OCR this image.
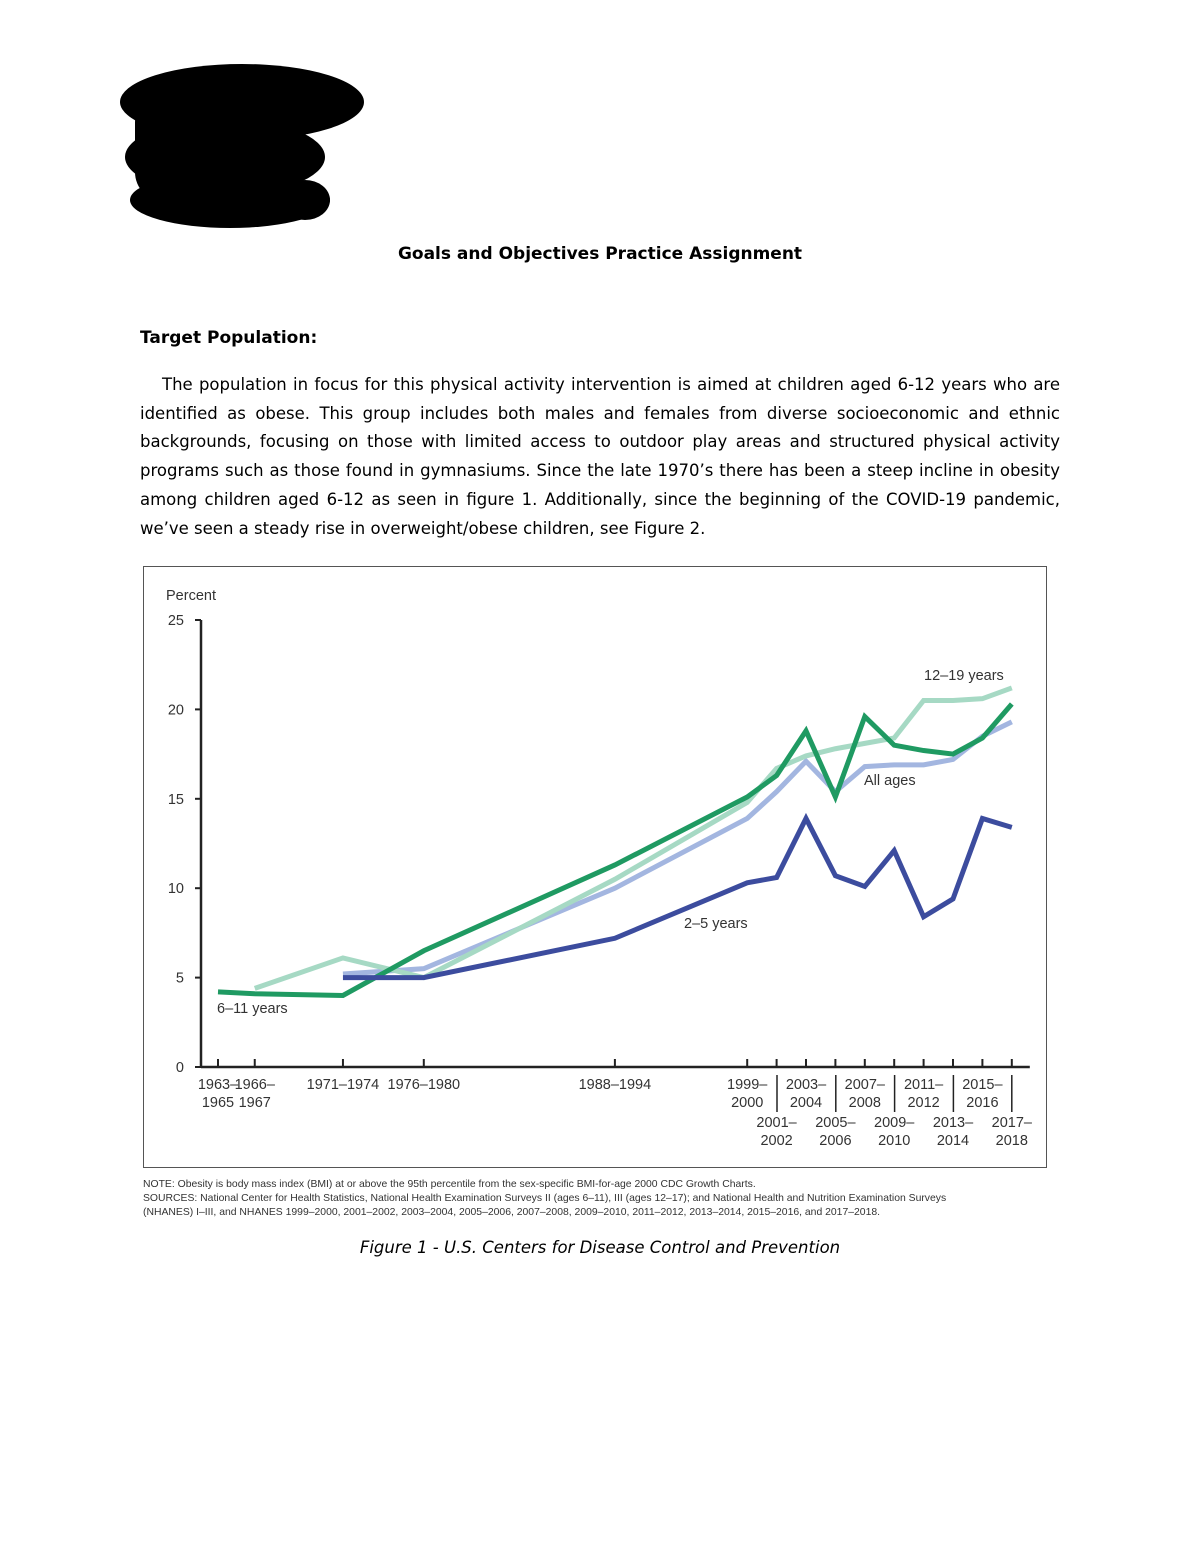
Goals and Objectives Practice Assignment
Target Population:
The population in focus for this physical activity intervention is aimed at children aged 6-12 years who are identified as obese. This group includes both males and females from diverse socioeconomic and ethnic backgrounds, focusing on those with limited access to outdoor play areas and structured physical activity programs such as those found in gymnasiums. Since the late 1970’s there has been a steep incline in obesity among children aged 6-12 as seen in figure 1. Additionally, since the beginning of the COVID-19 pandemic, we’ve seen a steady rise in overweight/obese children, see Figure 2.
Percent
0
5
10
15
20
25
1963–
1965
1966–
1967
1971–1974 1976–1980	1988–1994	1999–
2000
2001–
2002
2003–
2004
2005–
2006
2007–
2008
2009–
2010
2011–
2012
2013–
2014
2015–
2016
2017–
2018
All ages
12–19 years
6–11 years
2–5 years
NOTE: Obesity is body mass index (BMI) at or above the 95th percentile from the sex-specific BMI-for-age 2000 CDC Growth Charts.
SOURCES: National Center for Health Statistics, National Health Examination Surveys II (ages 6–11), III (ages 12–17); and National Health and Nutrition Examination Surveys
(NHANES) I–III, and NHANES 1999–2000, 2001–2002, 2003–2004, 2005–2006, 2007–2008, 2009–2010, 2011–2012, 2013–2014, 2015–2016, and 2017–2018.
Figure 1 - U.S. Centers for Disease Control and Prevention
